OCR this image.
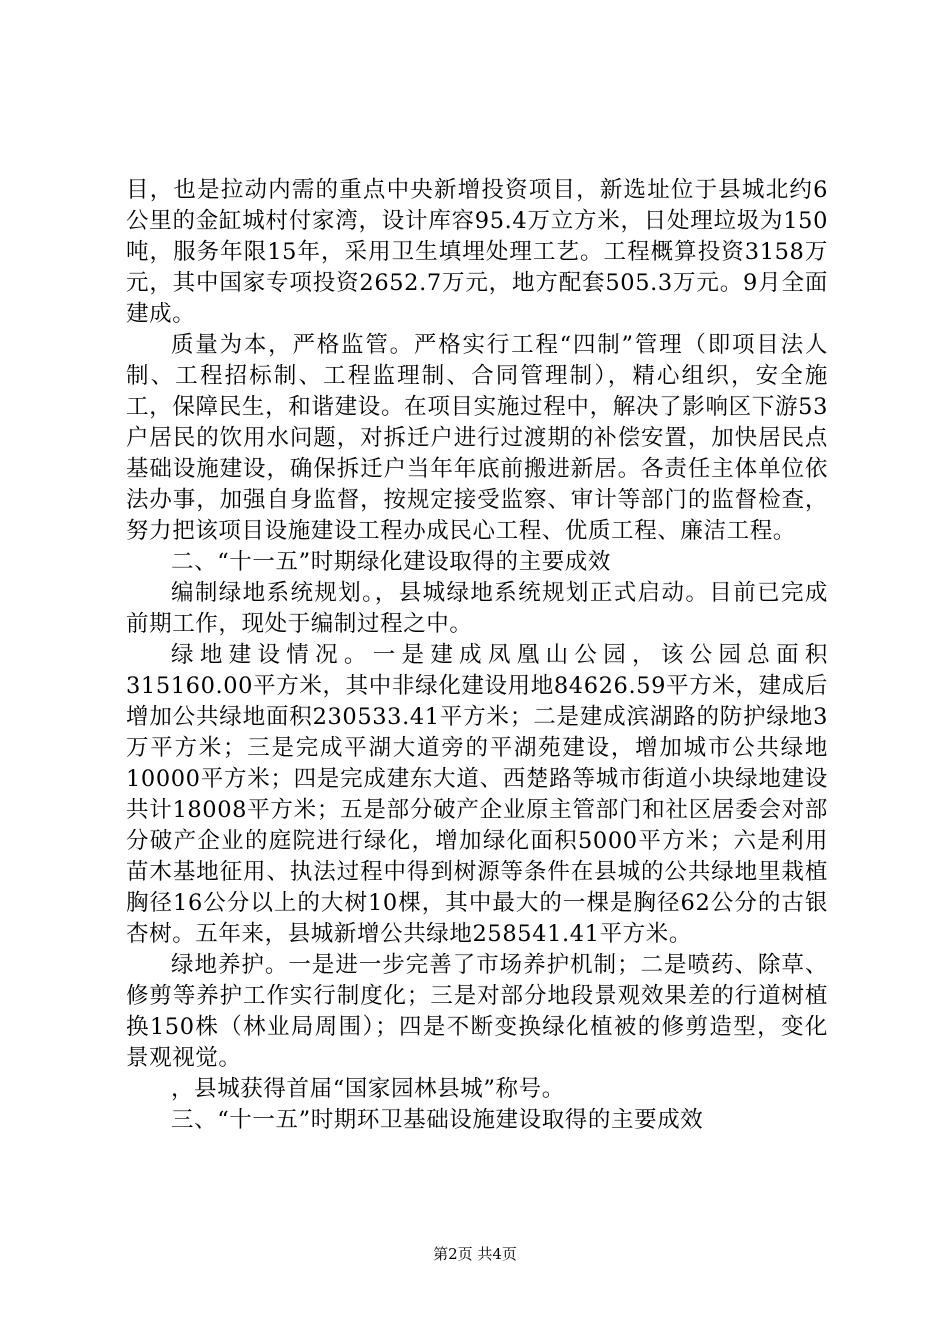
目，也是拉动内需的重点中央新增投资项目，新选址位于县城北约6公里的金缸城村付家湾，设计库容95.4万立方米，日处理垃圾为150吨，服务年限15年，采用卫生填埋处理工艺。工程概算投资3158万元，其中国家专项投资2652.7万元，地方配套505.3万元。9月全面建成。

质量为本，严格监管。严格实行工程“四制”管理（即项目法人制、工程招标制、工程监理制、合同管理制），精心组织，安全施工，保障民生，和谐建设。在项目实施过程中，解决了影响区下游53户居民的饮用水问题，对拆迁户进行过渡期的补偿安置，加快居民点基础设施建设，确保拆迁户当年年底前搬进新居。各责任主体单位依法办事，加强自身监督，按规定接受监察、审计等部门的监督检查，努力把该项目设施建设工程办成民心工程、优质工程、廉洁工程。

二、“十一五”时期绿化建设取得的主要成效

编制绿地系统规划。，县城绿地系统规划正式启动。目前已完成前期工作，现处于编制过程之中。

绿地建设情况。一是建成凤凰山公园，该公园总面积315160.00平方米，其中非绿化建设用地84626.59平方米，建成后增加公共绿地面积230533.41平方米；二是建成滨湖路的防护绿地3万平方米；三是完成平湖大道旁的平湖苑建设，增加城市公共绿地10000平方米；四是完成建东大道、西楚路等城市街道小块绿地建设共计18008平方米；五是部分破产企业原主管部门和社区居委会对部分破产企业的庭院进行绿化，增加绿化面积5000平方米；六是利用苗木基地征用、执法过程中得到树源等条件在县城的公共绿地里栽植胸径16公分以上的大树10棵，其中最大的一棵是胸径62公分的古银杏树。五年来，县城新增公共绿地258541.41平方米。

绿地养护。一是进一步完善了市场养护机制；二是喷药、除草、修剪等养护工作实行制度化；三是对部分地段景观效果差的行道树植换150株（林业局周围）；四是不断变换绿化植被的修剪造型，变化景观视觉。

，县城获得首届“国家园林县城”称号。

三、“十一五”时期环卫基础设施建设取得的主要成效

第2页 共4页
